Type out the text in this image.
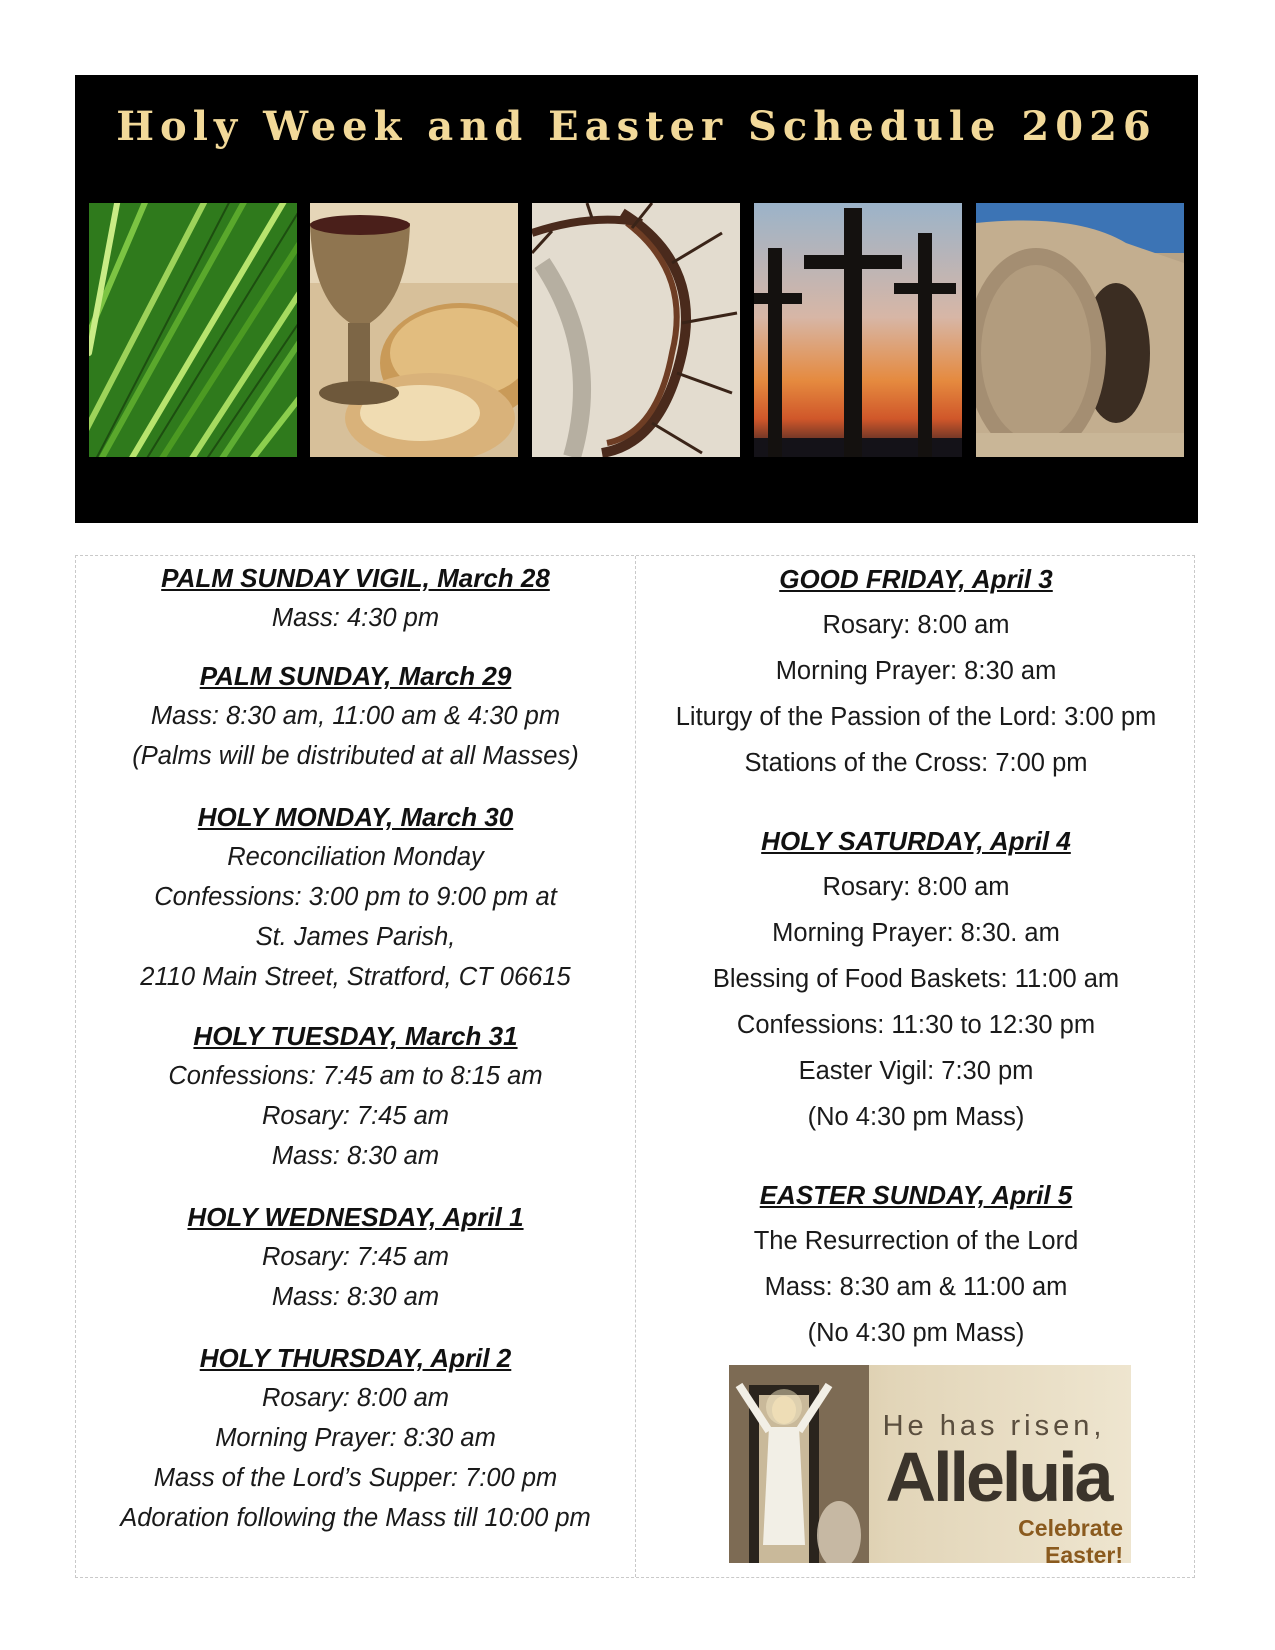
Holy Week and Easter Schedule 2026
PALM SUNDAY VIGIL, March 28
Mass: 4:30 pm
PALM SUNDAY, March 29
Mass: 8:30 am, 11:00 am & 4:30 pm
(Palms will be distributed at all Masses)
HOLY MONDAY, March 30
Reconciliation Monday
Confessions: 3:00 pm to 9:00 pm at
St. James Parish,
2110 Main Street, Stratford, CT 06615
HOLY TUESDAY, March 31
Confessions: 7:45 am to 8:15 am
Rosary: 7:45 am
Mass: 8:30 am
HOLY WEDNESDAY, April 1
Rosary: 7:45 am
Mass: 8:30 am
HOLY THURSDAY, April 2
Rosary: 8:00 am
Morning Prayer: 8:30 am
Mass of the Lord’s Supper: 7:00 pm
Adoration following the Mass till 10:00 pm
GOOD FRIDAY, April 3
Rosary: 8:00 am
Morning Prayer: 8:30 am
Liturgy of the Passion of the Lord: 3:00 pm
Stations of the Cross: 7:00 pm
HOLY SATURDAY, April 4
Rosary: 8:00 am
Morning Prayer: 8:30. am
Blessing of Food Baskets: 11:00 am
Confessions: 11:30 to 12:30 pm
Easter Vigil: 7:30 pm
(No 4:30 pm Mass)
EASTER SUNDAY, April 5
The Resurrection of the Lord
Mass: 8:30 am & 11:00 am
(No 4:30 pm Mass)
He has risen,
Alleluia
Celebrate Easter!
